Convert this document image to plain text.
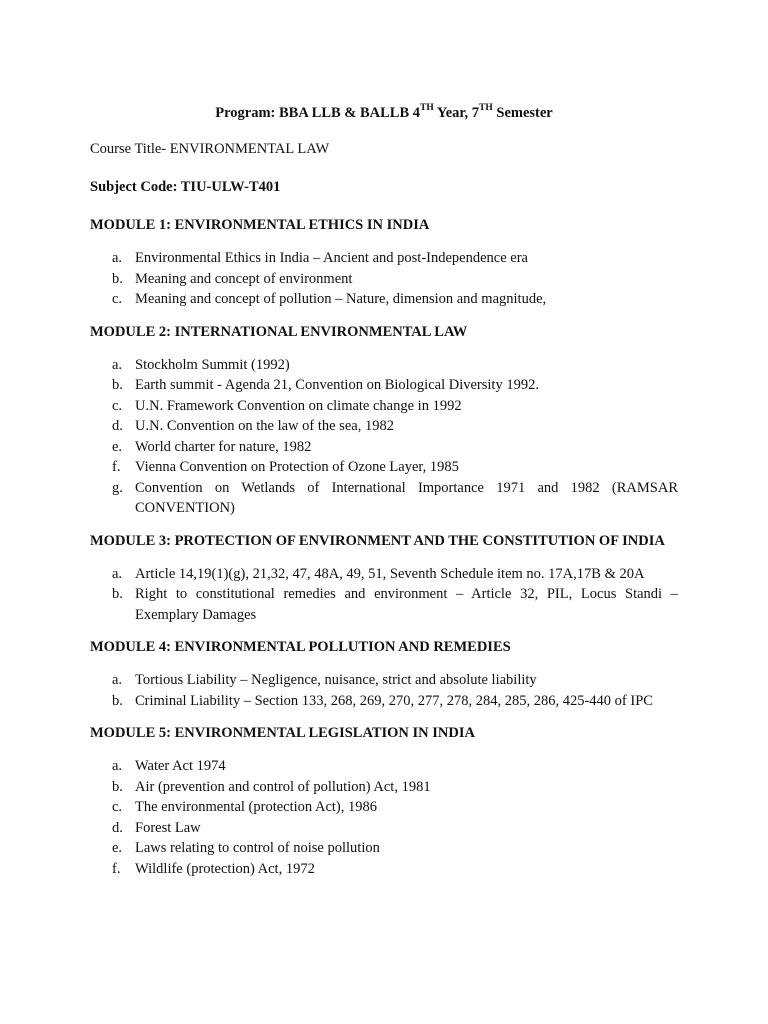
Program: BBA LLB & BALLB 4TH Year, 7TH Semester

Course Title- ENVIRONMENTAL LAW

Subject Code: TIU-ULW-T401

MODULE 1: ENVIRONMENTAL ETHICS IN INDIA

a. Environmental Ethics in India – Ancient and post-Independence era
b. Meaning and concept of environment
c. Meaning and concept of pollution – Nature, dimension and magnitude,

MODULE 2: INTERNATIONAL ENVIRONMENTAL LAW

a. Stockholm Summit (1992)
b. Earth summit - Agenda 21, Convention on Biological Diversity 1992.
c. U.N. Framework Convention on climate change in 1992
d. U.N. Convention on the law of the sea, 1982
e. World charter for nature, 1982
f. Vienna Convention on Protection of Ozone Layer, 1985
g. Convention on Wetlands of International Importance 1971 and 1982 (RAMSAR CONVENTION)

MODULE 3: PROTECTION OF ENVIRONMENT AND THE CONSTITUTION OF INDIA

a. Article 14,19(1)(g), 21,32, 47, 48A, 49, 51, Seventh Schedule item no. 17A,17B & 20A
b. Right to constitutional remedies and environment – Article 32, PIL, Locus Standi – Exemplary Damages

MODULE 4: ENVIRONMENTAL POLLUTION AND REMEDIES

a. Tortious Liability – Negligence, nuisance, strict and absolute liability
b. Criminal Liability – Section 133, 268, 269, 270, 277, 278, 284, 285, 286, 425-440 of IPC

MODULE 5: ENVIRONMENTAL LEGISLATION IN INDIA

a. Water Act 1974
b. Air (prevention and control of pollution) Act, 1981
c. The environmental (protection Act), 1986
d. Forest Law
e. Laws relating to control of noise pollution
f. Wildlife (protection) Act, 1972
